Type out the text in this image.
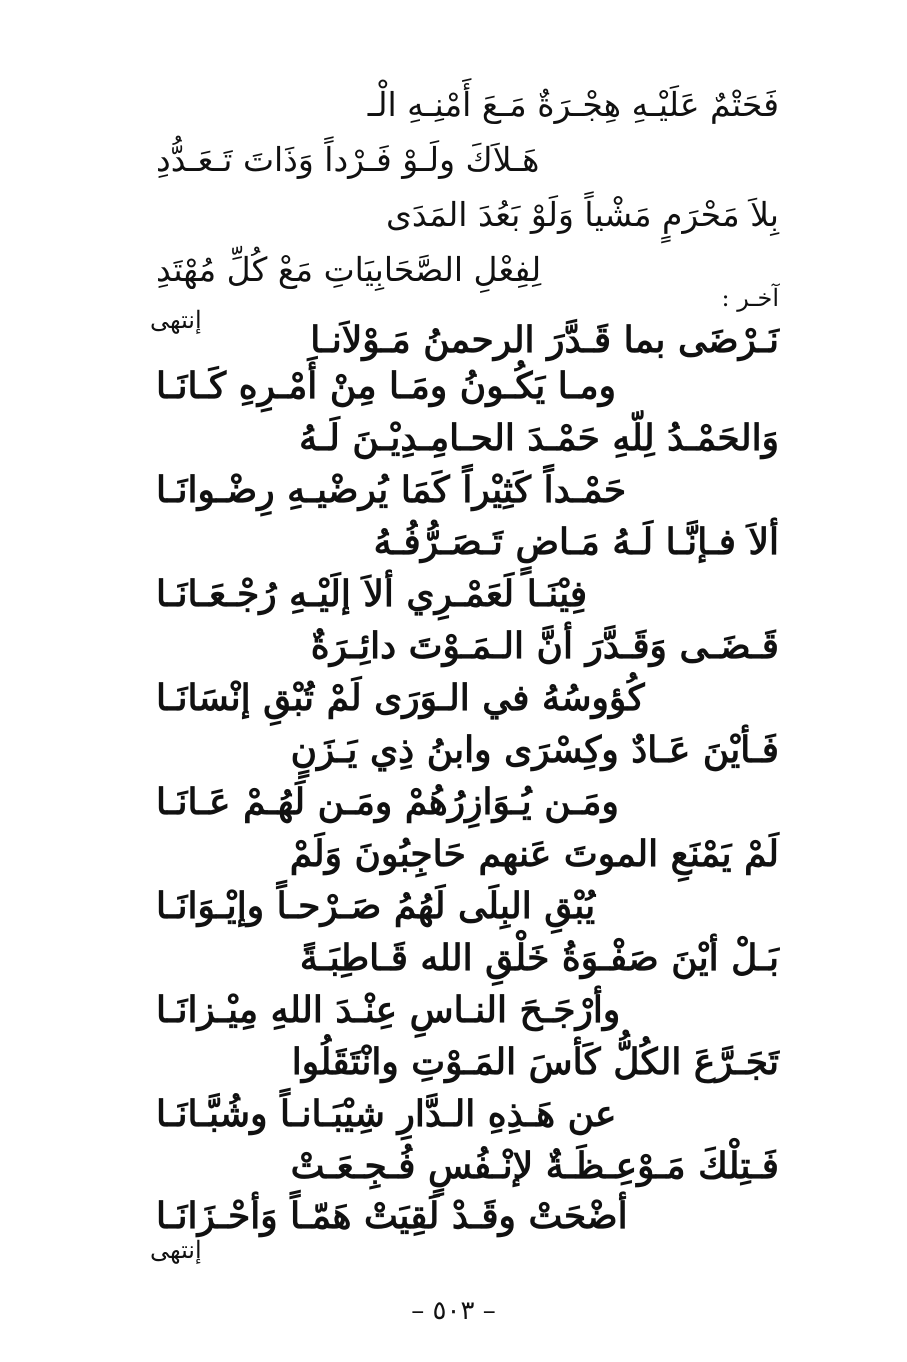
فَحَتْمٌ عَلَيْـهِ هِجْـرَةٌ مَـعَ أَمْنِـهِ الْـ
هَـلاَكَ ولَـوْ فَـرْداً وَذَاتَ تَـعَـدُّدِ
بِلاَ مَحْرَمٍ مَشْياً وَلَوْ بَعُدَ المَدَى
لِفِعْلِ الصَّحَابِيَاتِ مَعْ كُلِّ مُهْتَدِ
آخـر :
إنتهى	نَـرْضَى بما قَـدَّرَ الرحمنُ مَـوْلاَنـا
ومـا يَكُـونُ ومَـا مِنْ أَمْـرِهِ كَـانَـا
وَالحَمْـدُ لِلّهِ حَمْـدَ الحـامِـدِيْـنَ لَـهُ
حَمْـداً كَثِيْراً كَمَا يُرضْيـهِ رِضْـوانَـا
ألاَ فـإنَّـا لَـهُ مَـاضٍ تَـصَـرُّفُـهُ
فِيْنَـا لَعَمْـرِي ألاَ إلَيْـهِ رُجْـعَـانَـا
قَـضَـى وَقَـدَّرَ أنَّ الـمَـوْتَ دائِـرَةٌ
كُؤوسُهُ في الـوَرَى لَمْ تُبْقِ إنْسَانَـا
فَـأيْنَ عَـادٌ وكِسْرَى وابنُ ذِي يَـزَنٍ
ومَـن يُـوَازِرُهُمْ ومَـن لَهُـمْ عَـانَـا
لَمْ يَمْنَعِ الموتَ عَنهم حَاجِبُونَ وَلَمْ
يُبْقِ البِلَى لَهُمُ صَـرْحـاً وإيْـوَانَـا
بَـلْ أيْنَ صَفْـوَةُ خَلْقِ الله قَـاطِبَـةً
وأرْجَـحَ النـاسِ عِنْـدَ اللهِ مِيْـزانَـا
تَجَـرَّعَ الكُلُّ كَأسَ المَـوْتِ وانْتَقَلُوا
عن هَـذِهِ الـدَّارِ شِيْبَـانـاً وشُبَّـانَـا
فَـتِلْكَ مَـوْعِـظَـةٌ لإنْـفُسٍ فُـجِـعَـتْ
أضْحَتْ وقَـدْ لَقِيَتْ هَمّـاً وَأحْـزَانَـا
إنتهى
– ٥٠٣ –
